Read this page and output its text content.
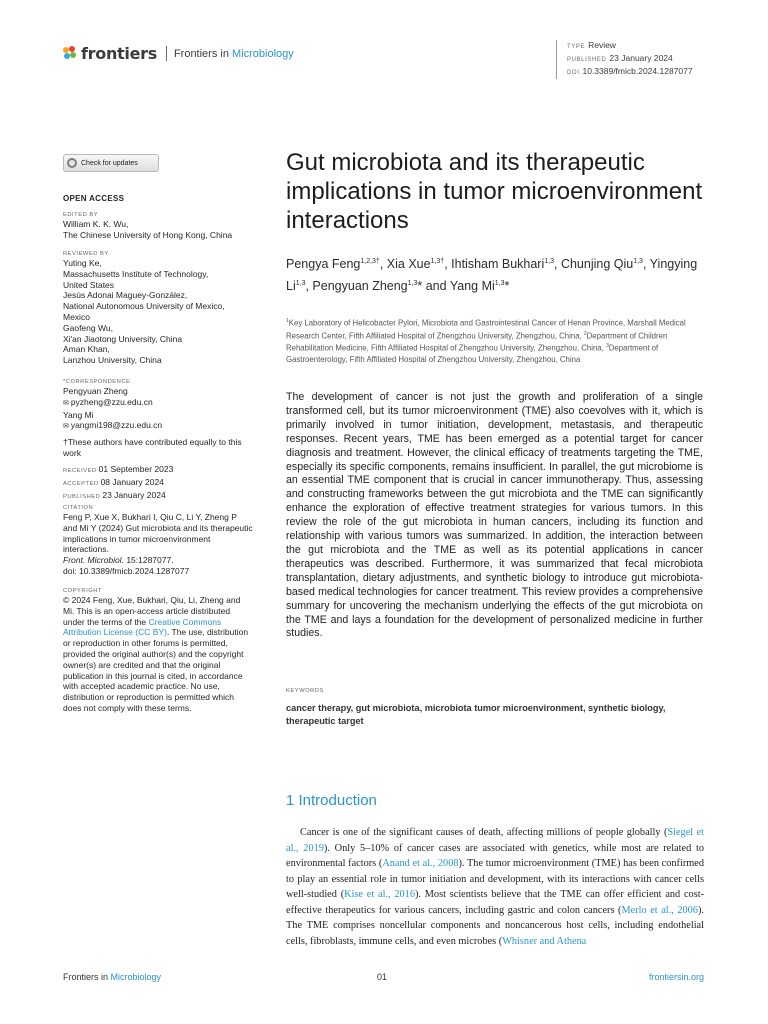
frontiers Frontiers in Microbiology
TYPE Review
PUBLISHED 23 January 2024
DOI 10.3389/fmicb.2024.1287077
Check for updates
OPEN ACCESS
EDITED BY
William K. K. Wu,
The Chinese University of Hong Kong, China
REVIEWED BY
Yuting Ke,
Massachusetts Institute of Technology,
United States
Jesús Adonai Maguey-González,
National Autonomous University of Mexico,
Mexico
Gaofeng Wu,
Xi'an Jiaotong University, China
Aman Khan,
Lanzhou University, China
*CORRESPONDENCE
Pengyuan Zheng
✉ pyzheng@zzu.edu.cn
Yang Mi
✉ yangmi198@zzu.edu.cn
†These authors have contributed equally to this work
RECEIVED 01 September 2023
ACCEPTED 08 January 2024
PUBLISHED 23 January 2024
CITATION
Feng P, Xue X, Bukhari I, Qiu C, Li Y, Zheng P and Mi Y (2024) Gut microbiota and its therapeutic implications in tumor microenvironment interactions.
Front. Microbiol. 15:1287077.
doi: 10.3389/fmicb.2024.1287077
COPYRIGHT
© 2024 Feng, Xue, Bukhari, Qiu, Li, Zheng and Mi. This is an open-access article distributed under the terms of the Creative Commons Attribution License (CC BY). The use, distribution or reproduction in other forums is permitted, provided the original author(s) and the copyright owner(s) are credited and that the original publication in this journal is cited, in accordance with accepted academic practice. No use, distribution or reproduction is permitted which does not comply with these terms.
Gut microbiota and its therapeutic implications in tumor microenvironment interactions
Pengya Feng$^{1,2,3\dagger}$, Xia Xue$^{1,3\dagger}$, Ihtisham Bukhari$^{1,3}$, Chunjing Qiu$^{1,3}$, Yingying Li$^{1,3}$, Pengyuan Zheng$^{1,3}$* and Yang Mi$^{1,3}$*
$^1$Key Laboratory of Helicobacter Pylori, Microbiota and Gastrointestinal Cancer of Henan Province, Marshall Medical Research Center, Fifth Affiliated Hospital of Zhengzhou University, Zhengzhou, China, $^2$Department of Children Rehabilitation Medicine, Fifth Affiliated Hospital of Zhengzhou University, Zhengzhou, China, $^3$Department of Gastroenterology, Fifth Affiliated Hospital of Zhengzhou University, Zhengzhou, China
The development of cancer is not just the growth and proliferation of a single transformed cell, but its tumor microenvironment (TME) also coevolves with it, which is primarily involved in tumor initiation, development, metastasis, and therapeutic responses. Recent years, TME has been emerged as a potential target for cancer diagnosis and treatment. However, the clinical efficacy of treatments targeting the TME, especially its specific components, remains insufficient. In parallel, the gut microbiome is an essential TME component that is crucial in cancer immunotherapy. Thus, assessing and constructing frameworks between the gut microbiota and the TME can significantly enhance the exploration of effective treatment strategies for various tumors. In this review the role of the gut microbiota in human cancers, including its function and relationship with various tumors was summarized. In addition, the interaction between the gut microbiota and the TME as well as its potential applications in cancer therapeutics was described. Furthermore, it was summarized that fecal microbiota transplantation, dietary adjustments, and synthetic biology to introduce gut microbiota-based medical technologies for cancer treatment. This review provides a comprehensive summary for uncovering the mechanism underlying the effects of the gut microbiota on the TME and lays a foundation for the development of personalized medicine in further studies.
KEYWORDS
cancer therapy, gut microbiota, microbiota tumor microenvironment, synthetic biology, therapeutic target
1 Introduction
Cancer is one of the significant causes of death, affecting millions of people globally (Siegel et al., 2019). Only 5–10% of cancer cases are associated with genetics, while most are related to environmental factors (Anand et al., 2008). The tumor microenvironment (TME) has been confirmed to play an essential role in tumor initiation and development, with its interactions with cancer cells well-studied (Kise et al., 2016). Most scientists believe that the TME can offer efficient and cost-effective therapeutics for various cancers, including gastric and colon cancers (Merlo et al., 2006). The TME comprises noncellular components and noncancerous host cells, including endothelial cells, fibroblasts, immune cells, and even microbes (Whisner and Athena
Frontiers in Microbiology	01	frontiersin.org
